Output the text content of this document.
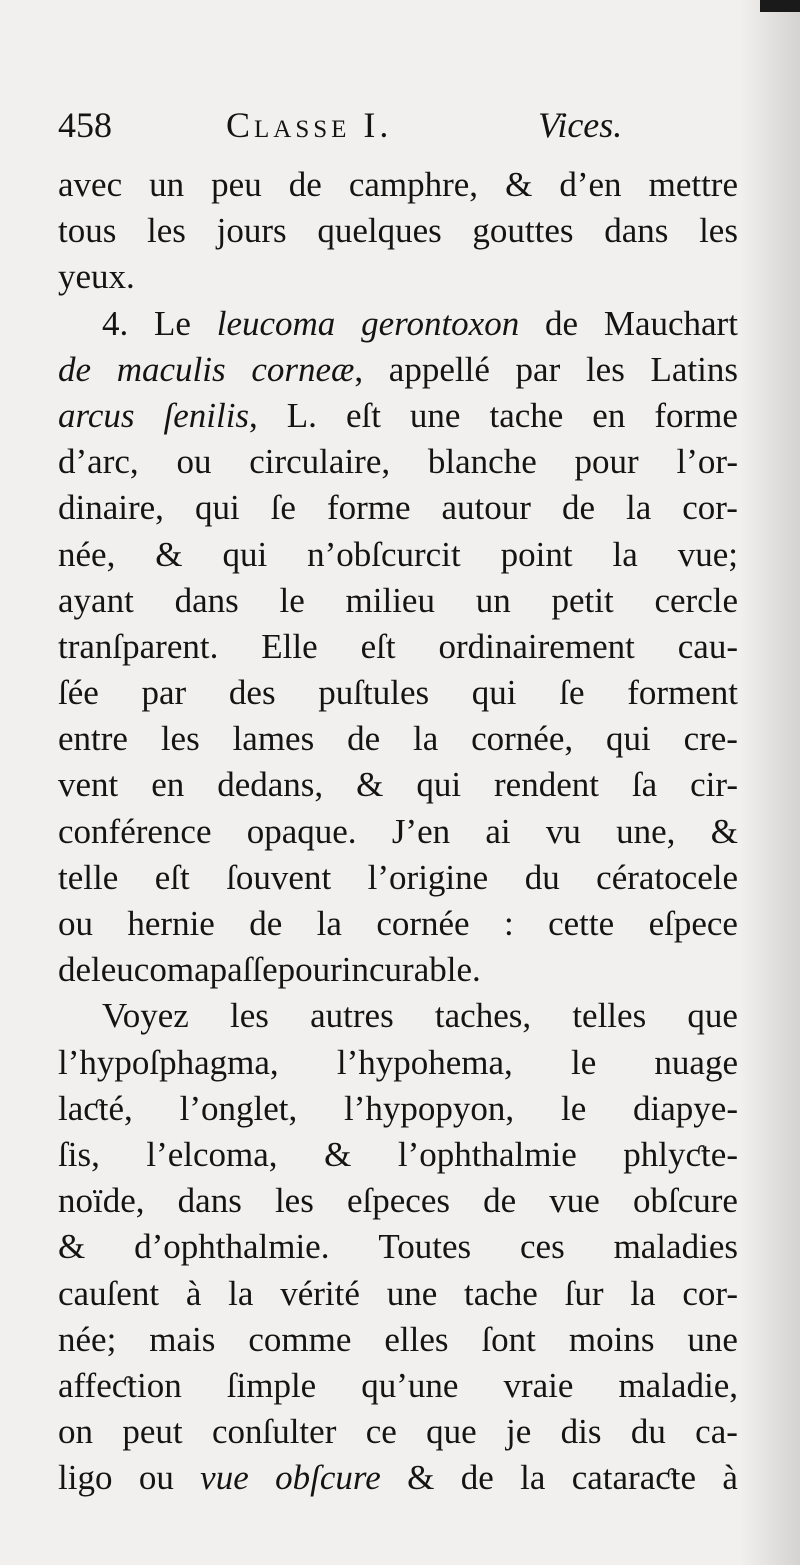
458	Classe I.	Vices.
avec un peu de camphre, & d’en mettre
tous les jours quelques gouttes dans les
yeux.
4. Le leucoma gerontoxon de Mauchart
de maculis corneæ, appellé par les Latins
arcus ſenilis, L. eſt une tache en forme
d’arc, ou circulaire, blanche pour l’or-
dinaire, qui ſe forme autour de la cor-
née, & qui n’obſcurcit point la vue;
ayant dans le milieu un petit cercle
tranſparent. Elle eſt ordinairement cau-
ſée par des puſtules qui ſe forment
entre les lames de la cornée, qui cre-
vent en dedans, & qui rendent ſa cir-
conférence opaque. J’en ai vu une, &
telle eſt ſouvent l’origine du cératocele
ou hernie de la cornée : cette eſpece
de leucoma paſſe pour incurable.
Voyez les autres taches, telles que
l’hypoſphagma, l’hypohema, le nuage
laƈté, l’onglet, l’hypopyon, le diapye-
ſis, l’elcoma, & l’ophthalmie phlyƈte-
noïde, dans les eſpeces de vue obſcure
& d’ophthalmie. Toutes ces maladies
cauſent à la vérité une tache ſur la cor-
née; mais comme elles ſont moins une
affeƈtion ſimple qu’une vraie maladie,
on peut conſulter ce que je dis du ca-
ligo ou vue obſcure & de la cataraƈte à
